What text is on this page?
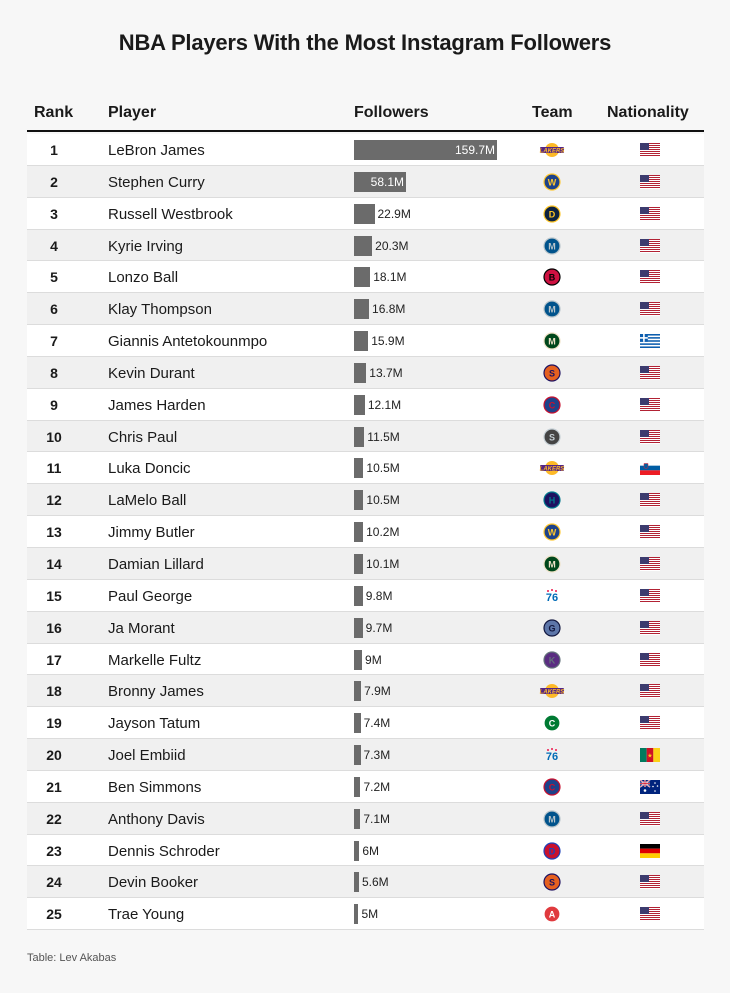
NBA Players With the Most Instagram Followers
Rank Player	Followers	Team Nationality
1	LeBron James	159.7M	LAKERS
2	Stephen Curry	58.1M	W
3	Russell Westbrook	22.9M	D
4	Kyrie Irving	20.3M	M
5	Lonzo Ball	18.1M	B
6	Klay Thompson	16.8M	M
7	Giannis Antetokounmpo	15.9M	M
8	Kevin Durant	13.7M	S
9	James Harden	12.1M	C
10	Chris Paul	11.5M	S
11	Luka Doncic	10.5M	LAKERS
12	LaMelo Ball	10.5M	H
13	Jimmy Butler	10.2M	W
14	Damian Lillard	10.1M	M
15	Paul George	9.8M	76
16	Ja Morant	9.7M	G
17	Markelle Fultz	9M	K
18	Bronny James	7.9M	LAKERS
19	Jayson Tatum	7.4M	C
20	Joel Embiid	7.3M	76	★
21	Ben Simmons	7.2M	C
22	Anthony Davis	7.1M	M
23	Dennis Schroder	6M	D
24	Devin Booker	5.6M	S
25	Trae Young	5M	A
Table: Lev Akabas
